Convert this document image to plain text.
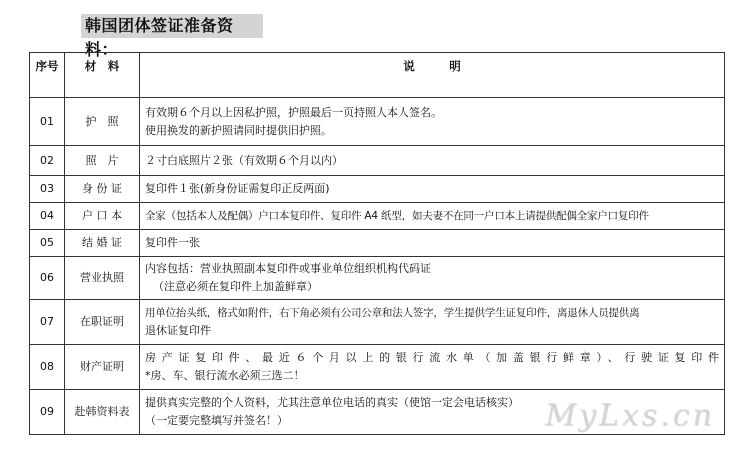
韩国团体签证准备资料：
序号	材　料	说　　　明
01	护　照	有效期６个月以上因私护照，护照最后一页持照人本人签名。
使用换发的新护照请同时提供旧护照。

02	照　片	２寸白底照片２张（有效期６个月以内）

03	身 份 证	复印件１张(新身份证需复印正反两面)

04	户 口 本	全家（包括本人及配偶）户口本复印件、复印件 A4 纸型，如夫妻不在同一户口本上请提供配偶全家户口复印件

05	结 婚 证	复印件一张

06	营业执照	内容包括：营业执照副本复印件或事业单位组织机构代码证
（注意必须在复印件上加盖鲜章）

07	在职证明	用单位抬头纸，格式如附件，右下角必须有公司公章和法人签字，学生提供学生证复印件，离退休人员提供离
退休证复印件

08	财产证明	房产证复印件、最近６个月以上的银行流水单（加盖银行鲜章）、行驶证复印件
*房、车、银行流水必须三选二！

09	赴韩资料表	提供真实完整的个人资料，尤其注意单位电话的真实（使馆一定会电话核实）
（一定要完整填写并签名！）	MyLxs.cn
